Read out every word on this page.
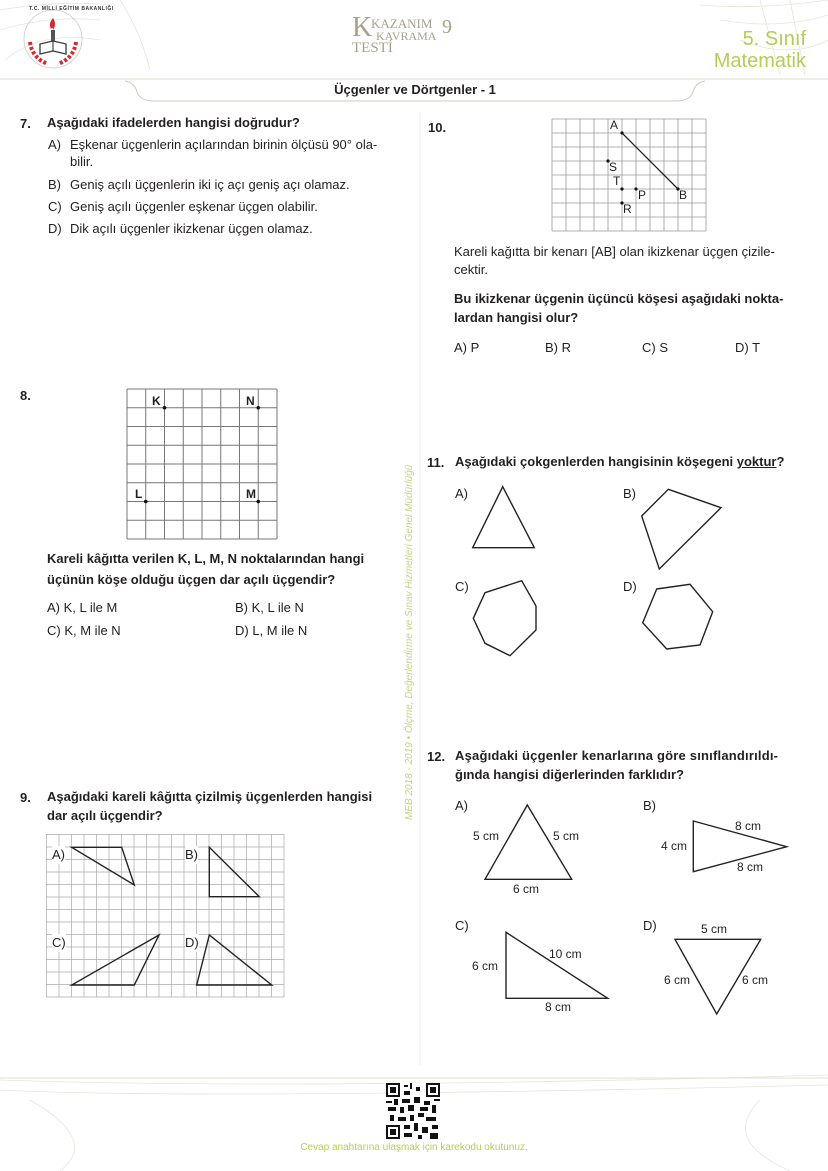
T.C. MİLLİ EĞİTİM BAKANLIĞI
K
KAZANIM
KAVRAMA
TESTİ
9
5. Sınıf
Matematik
Üçgenler ve Dörtgenler - 1
7. Aşağıdaki ifadelerden hangisi doğrudur?
A) Eşkenar üçgenlerin açılarından birinin ölçüsü 90° ola-
bilir.
B) Geniş açılı üçgenlerin iki iç açı geniş açı olamaz.
C) Geniş açılı üçgenler eşkenar üçgen olabilir.
D) Dik açılı üçgenler ikizkenar üçgen olamaz.
10.	A
B
S
T
P
R
Kareli kağıtta bir kenarı [AB] olan ikizkenar üçgen çizile-
cektir.
Bu ikizkenar üçgenin üçüncü köşesi aşağıdaki nokta-
lardan hangisi olur?
A) P	B) R	C) S	D) T
8.	K	N
L	M
Kareli kâğıtta verilen K, L, M, N noktalarından hangi
üçünün köşe olduğu üçgen dar açılı üçgendir?
A) K, L ile M	B) K, L ile N
C) K, M ile N	D) L, M ile N
11. Aşağıdaki çokgenlerden hangisinin köşegeni yoktur?
A)	B)
C)	D)
9. Aşağıdaki kareli kâğıtta çizilmiş üçgenlerden hangisi
dar açılı üçgendir?
A)	B)
C)	D)
12. Aşağıdaki üçgenler kenarlarına göre sınıflandırıldı-
ğında hangisi diğerlerinden farklıdır?
A)
5 cm	5 cm
6 cm
B)
8 cm
4 cm
8 cm
C)
6 cm
10 cm
8 cm
D)	5 cm
6 cm	6 cm
MEB 2018 - 2019 • Ölçme, Değerlendirme ve Sınav Hizmetleri Genel Müdürlüğü
Cevap anahtarına ulaşmak için karekodu okutunuz.
